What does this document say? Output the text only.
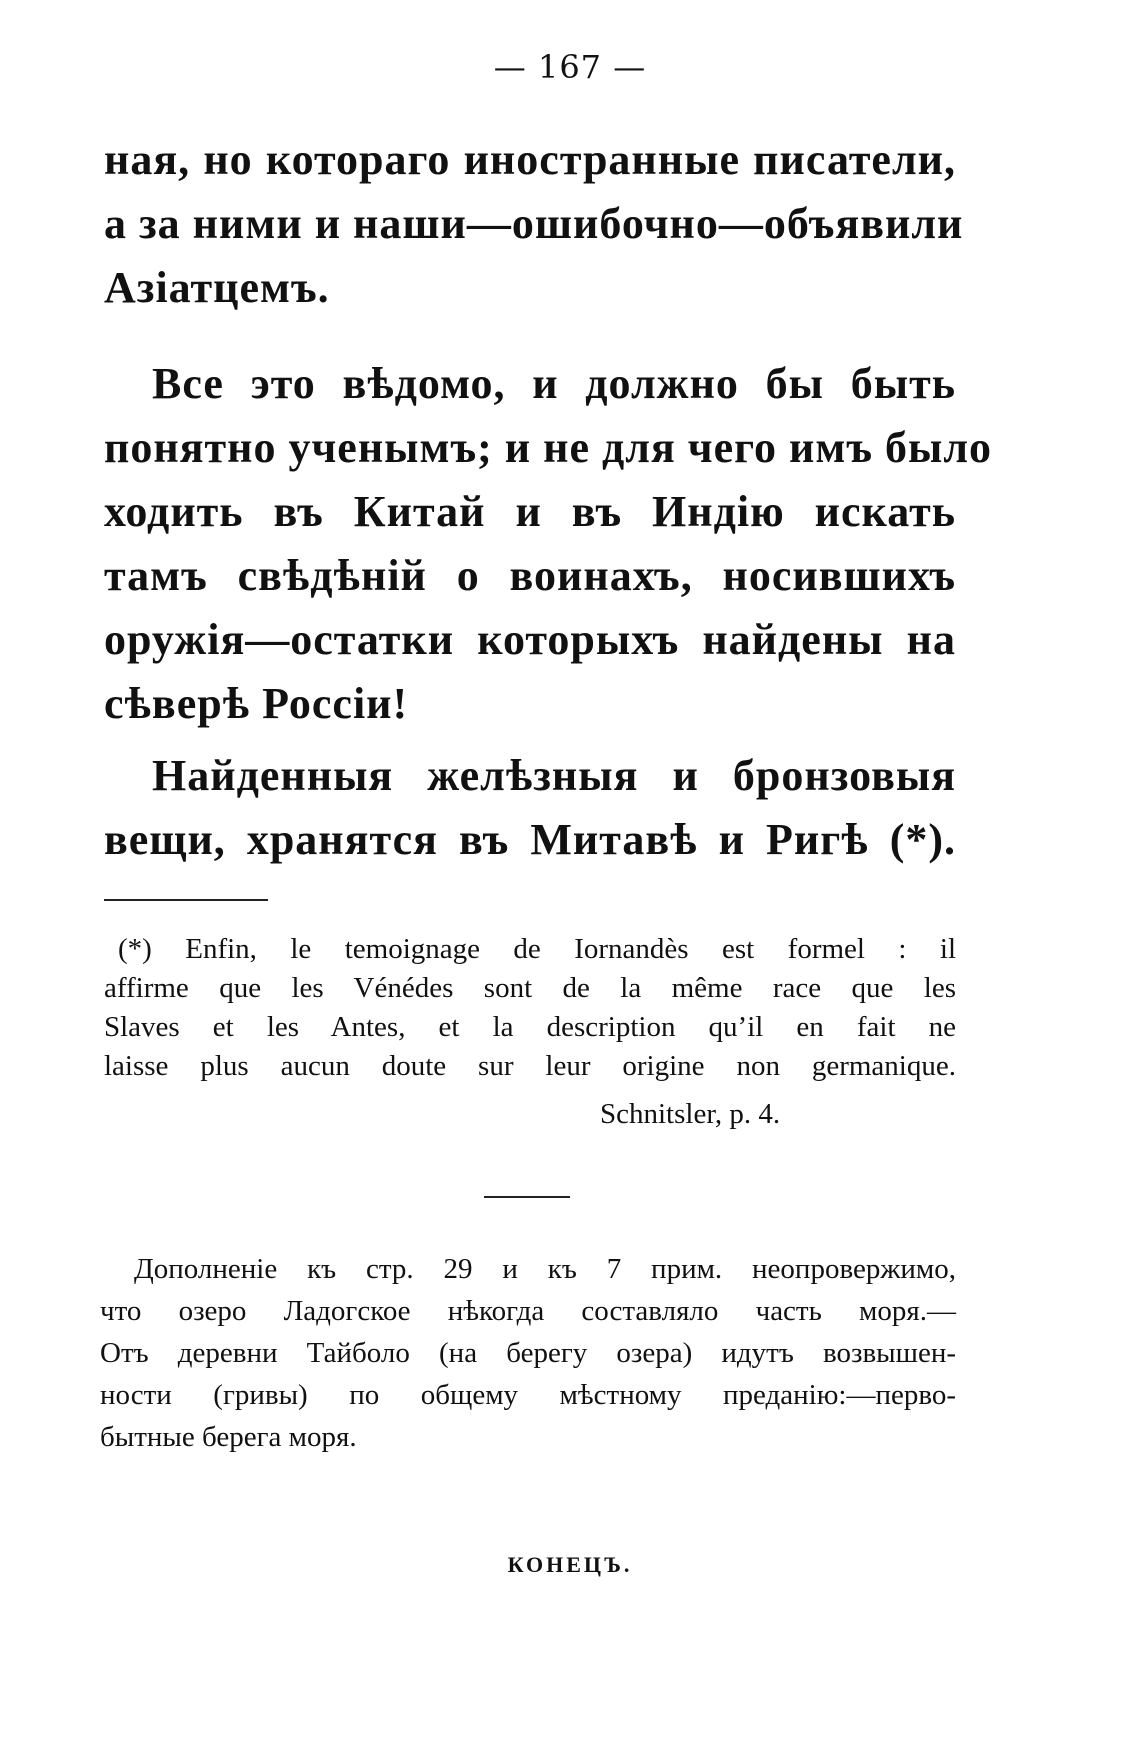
— 167 —
ная, но котораго иностранные писатели,
а за ними и наши—ошибочно—объявили
Азіатцемъ.
Все это вѣдомо, и должно бы быть
понятно ученымъ; и не для чего имъ было
ходить въ Китай и въ Индію искать
тамъ свѣдѣній о воинахъ, носившихъ
оружія—остатки которыхъ найдены на
сѣверѣ Россіи!
Найденныя желѣзныя и бронзовыя
вещи, хранятся въ Митавѣ и Ригѣ (*).
(*) Enfin, le temoignage de Iornandès est formel : il
affirme que les Vénédes sont de la même race que les
Slaves et les Antes, et la description qu’il en fait ne
laisse plus aucun doute sur leur origine non germanique.
Schnitsler, p. 4.
Дополненіе къ стр. 29 и къ 7 прим. неопровержимо,
что озеро Ладогское нѣкогда составляло часть моря.—
Отъ деревни Тайболо (на берегу озера) идутъ возвышен-
ности (гривы) по общему мѣстному преданію:—перво-
бытные берега моря.
КОНЕЦЪ.
